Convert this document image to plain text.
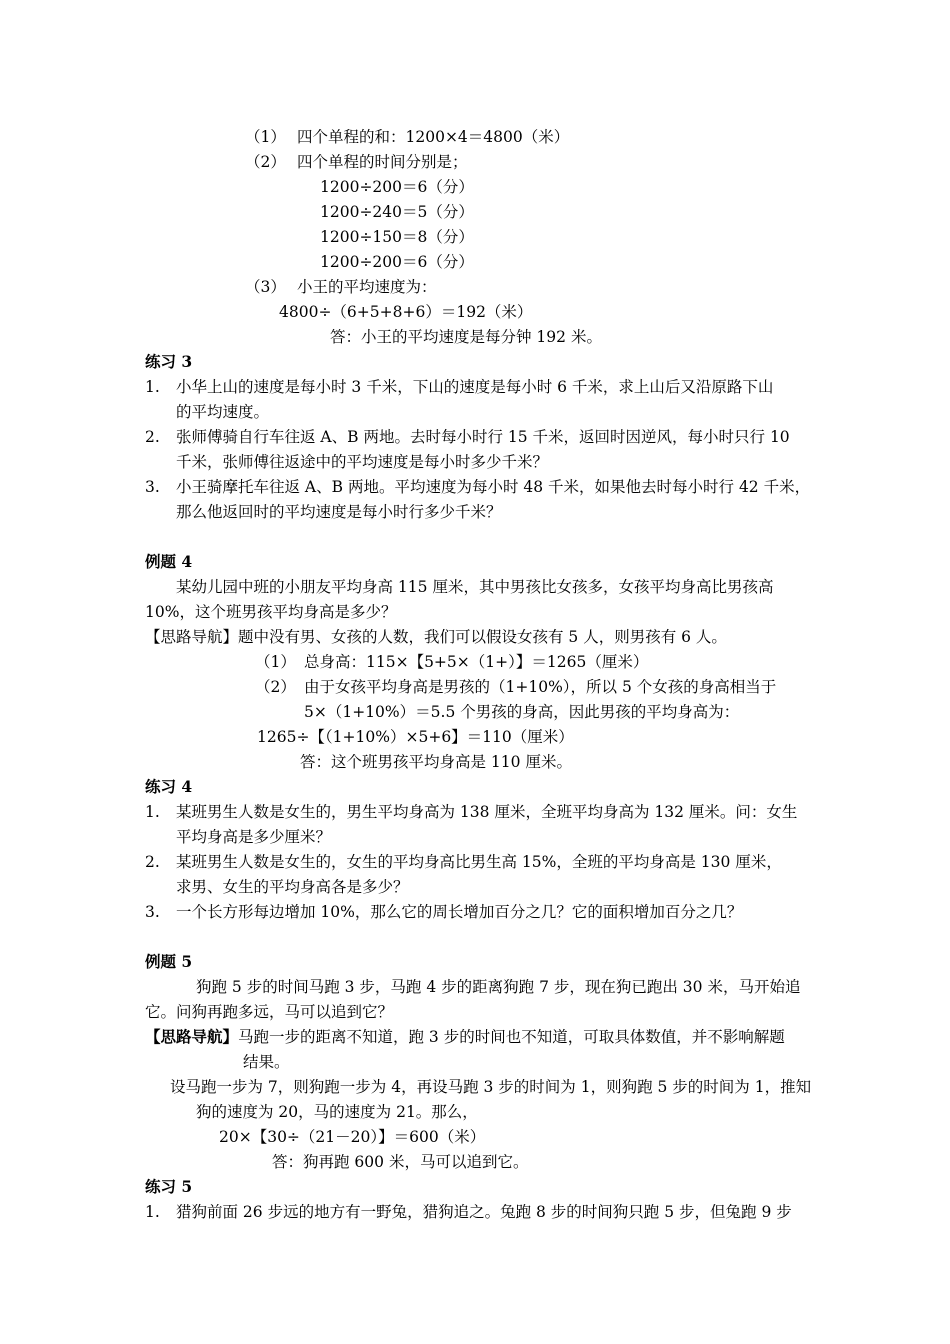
（1） 四个单程的和：1200×4＝4800（米）
（2） 四个单程的时间分别是；
1200÷200＝6（分）
1200÷240＝5（分）
1200÷150＝8（分）
1200÷200＝6（分）
（3） 小王的平均速度为：
4800÷（6+5+8+6）＝192（米）
答：小王的平均速度是每分钟 192 米。
练习 3
1. 小华上山的速度是每小时 3 千米，下山的速度是每小时 6 千米，求上山后又沿原路下山
的平均速度。
2. 张师傅骑自行车往返 A、B 两地。去时每小时行 15 千米，返回时因逆风，每小时只行 10
千米，张师傅往返途中的平均速度是每小时多少千米？
3. 小王骑摩托车往返 A、B 两地。平均速度为每小时 48 千米，如果他去时每小时行 42 千米，
那么他返回时的平均速度是每小时行多少千米？
例题 4
某幼儿园中班的小朋友平均身高 115 厘米，其中男孩比女孩多，女孩平均身高比男孩高
10%，这个班男孩平均身高是多少？
【思路导航】题中没有男、女孩的人数，我们可以假设女孩有 5 人，则男孩有 6 人。
（1） 总身高：115×【5+5×（1+）】＝1265（厘米）
（2） 由于女孩平均身高是男孩的（1+10%），所以 5 个女孩的身高相当于
5×（1+10%）＝5.5 个男孩的身高，因此男孩的平均身高为：
1265÷【（1+10%）×5+6】＝110（厘米）
答：这个班男孩平均身高是 110 厘米。
练习 4
1. 某班男生人数是女生的，男生平均身高为 138 厘米，全班平均身高为 132 厘米。问：女生
平均身高是多少厘米？
2. 某班男生人数是女生的，女生的平均身高比男生高 15%，全班的平均身高是 130 厘米，
求男、女生的平均身高各是多少？
3. 一个长方形每边增加 10%，那么它的周长增加百分之几？它的面积增加百分之几？
例题 5
狗跑 5 步的时间马跑 3 步，马跑 4 步的距离狗跑 7 步，现在狗已跑出 30 米，马开始追
它。问狗再跑多远，马可以追到它？
【思路导航】 马跑一步的距离不知道，跑 3 步的时间也不知道，可取具体数值，并不影响解题
结果。
设马跑一步为 7，则狗跑一步为 4，再设马跑 3 步的时间为 1，则狗跑 5 步的时间为 1，推知
狗的速度为 20，马的速度为 21。那么，
20×【30÷（21－20）】＝600（米）
答：狗再跑 600 米，马可以追到它。
练习 5
1. 猎狗前面 26 步远的地方有一野兔，猎狗追之。兔跑 8 步的时间狗只跑 5 步，但兔跑 9 步
